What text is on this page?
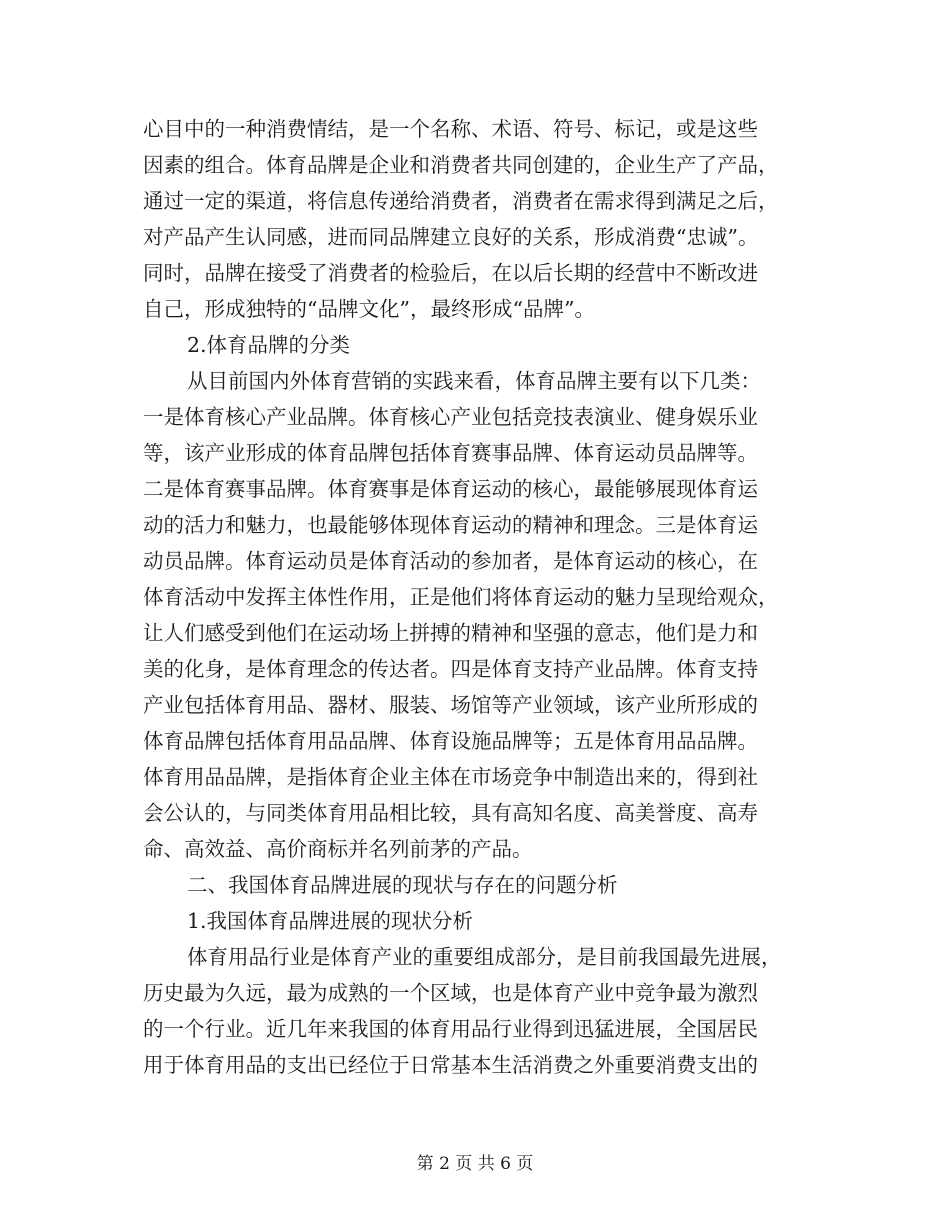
心目中的一种消费情结，是一个名称、术语、符号、标记，或是这些
因素的组合。体育品牌是企业和消费者共同创建的，企业生产了产品，
通过一定的渠道，将信息传递给消费者，消费者在需求得到满足之后，
对产品产生认同感，进而同品牌建立良好的关系，形成消费“忠诚”。
同时，品牌在接受了消费者的检验后，在以后长期的经营中不断改进
自己，形成独特的“品牌文化”，最终形成“品牌”。
2.体育品牌的分类
从目前国内外体育营销的实践来看，体育品牌主要有以下几类：
一是体育核心产业品牌。体育核心产业包括竞技表演业、健身娱乐业
等，该产业形成的体育品牌包括体育赛事品牌、体育运动员品牌等。
二是体育赛事品牌。体育赛事是体育运动的核心，最能够展现体育运
动的活力和魅力，也最能够体现体育运动的精神和理念。三是体育运
动员品牌。体育运动员是体育活动的参加者，是体育运动的核心，在
体育活动中发挥主体性作用，正是他们将体育运动的魅力呈现给观众，
让人们感受到他们在运动场上拼搏的精神和坚强的意志，他们是力和
美的化身，是体育理念的传达者。四是体育支持产业品牌。体育支持
产业包括体育用品、器材、服装、场馆等产业领域，该产业所形成的
体育品牌包括体育用品品牌、体育设施品牌等；五是体育用品品牌。
体育用品品牌，是指体育企业主体在市场竞争中制造出来的，得到社
会公认的，与同类体育用品相比较，具有高知名度、高美誉度、高寿
命、高效益、高价商标并名列前茅的产品。
二、我国体育品牌进展的现状与存在的问题分析
1.我国体育品牌进展的现状分析
体育用品行业是体育产业的重要组成部分，是目前我国最先进展，
历史最为久远，最为成熟的一个区域，也是体育产业中竞争最为激烈
的一个行业。近几年来我国的体育用品行业得到迅猛进展，全国居民
用于体育用品的支出已经位于日常基本生活消费之外重要消费支出的
第 2 页 共 6 页
